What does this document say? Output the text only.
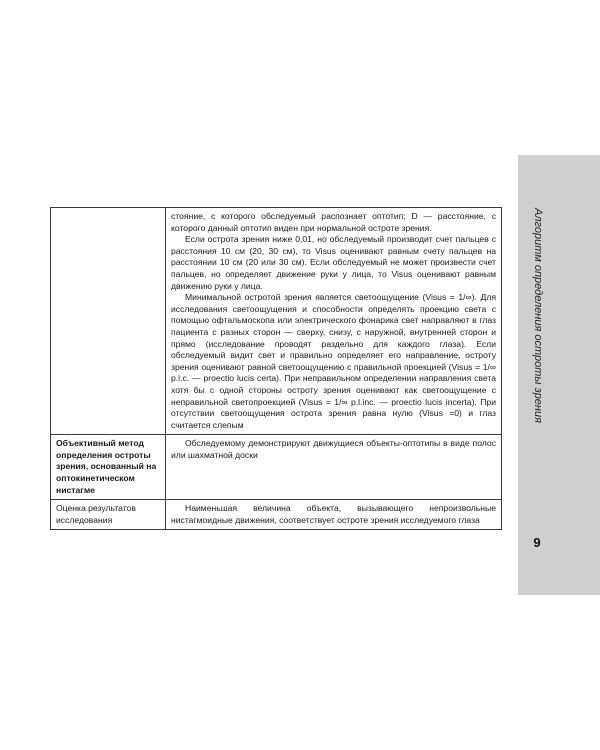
Алгоритм определения остроты зрения
9

	стояние, с которого обследуемый распознает оптотип; D — расстояние, с которого данный оптотип виден при нормальной остроте зрения.

Если острота зрения ниже 0,01, но обследуемый производит счет пальцев с расстояния 10 см (20, 30 см), то Visus оценивают равным счету пальцев на расстоянии 10 см (20 или 30 см). Если обследуемый не может произвести счет пальцев, но определяет движение руки у лица, то Visus оценивают равным движению руки у лица.

Минимальной остротой зрения является светоощущение (Visus = 1/∞). Для исследования светоощущения и способности определять проекцию света с помощью офтальмоскопа или электрического фонарика свет направляют в глаз пациента с разных сторон — сверху, снизу, с наружной, внутренней сторон и прямо (исследование проводят раздельно для каждого глаза). Если обследуемый видит свет и правильно определяет его направление, остроту зрения оценивают равной светоощущению с правильной проекцией (Visus = 1/∞ p.l.c. — proectio lucis certa). При неправильном определении направления света хотя бы с одной стороны остроту зрения оценивают как светоощущение с неправильной светопроекцией (Visus = 1/∞ p.l.inc. — proectio lucis incerta). При отсутствии светоощущения острота зрения равна нулю (Visus =0) и глаз считается слепым

Объективный метод определения остроты зрения, основанный на оптокинетическом нистагме	Обследуемому демонстрируют движущиеся объекты-оптотипы в виде полос или шахматной доски

Оценка результатов исследования	Наименьшая величина объекта, вызывающего непроизвольные нистагмоидные движения, соответствует остроте зрения исследуемого глаза
